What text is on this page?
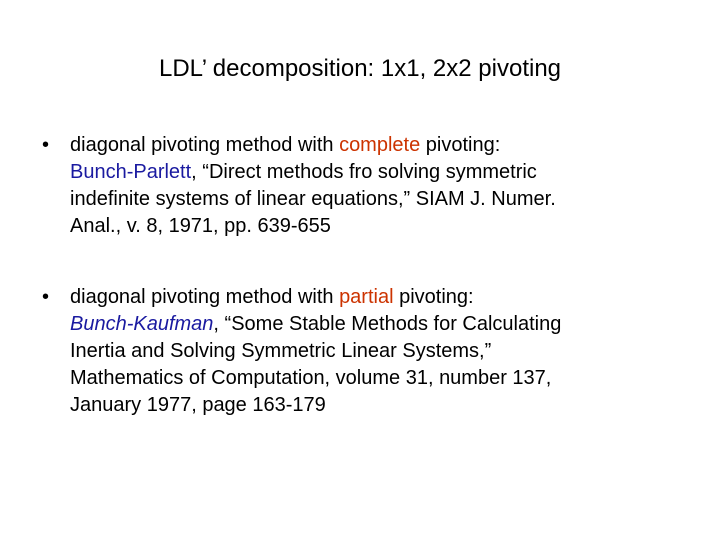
LDL’ decomposition: 1x1, 2x2 pivoting
•	diagonal pivoting method with complete pivoting:
Bunch-Parlett, “Direct methods fro solving symmetric
indefinite systems of linear equations,” SIAM J. Numer.
Anal., v. 8, 1971, pp. 639-655
•	diagonal pivoting method with partial pivoting:
Bunch-Kaufman, “Some Stable Methods for Calculating
Inertia and Solving Symmetric Linear Systems,”
Mathematics of Computation, volume 31, number 137,
January 1977, page 163-179
